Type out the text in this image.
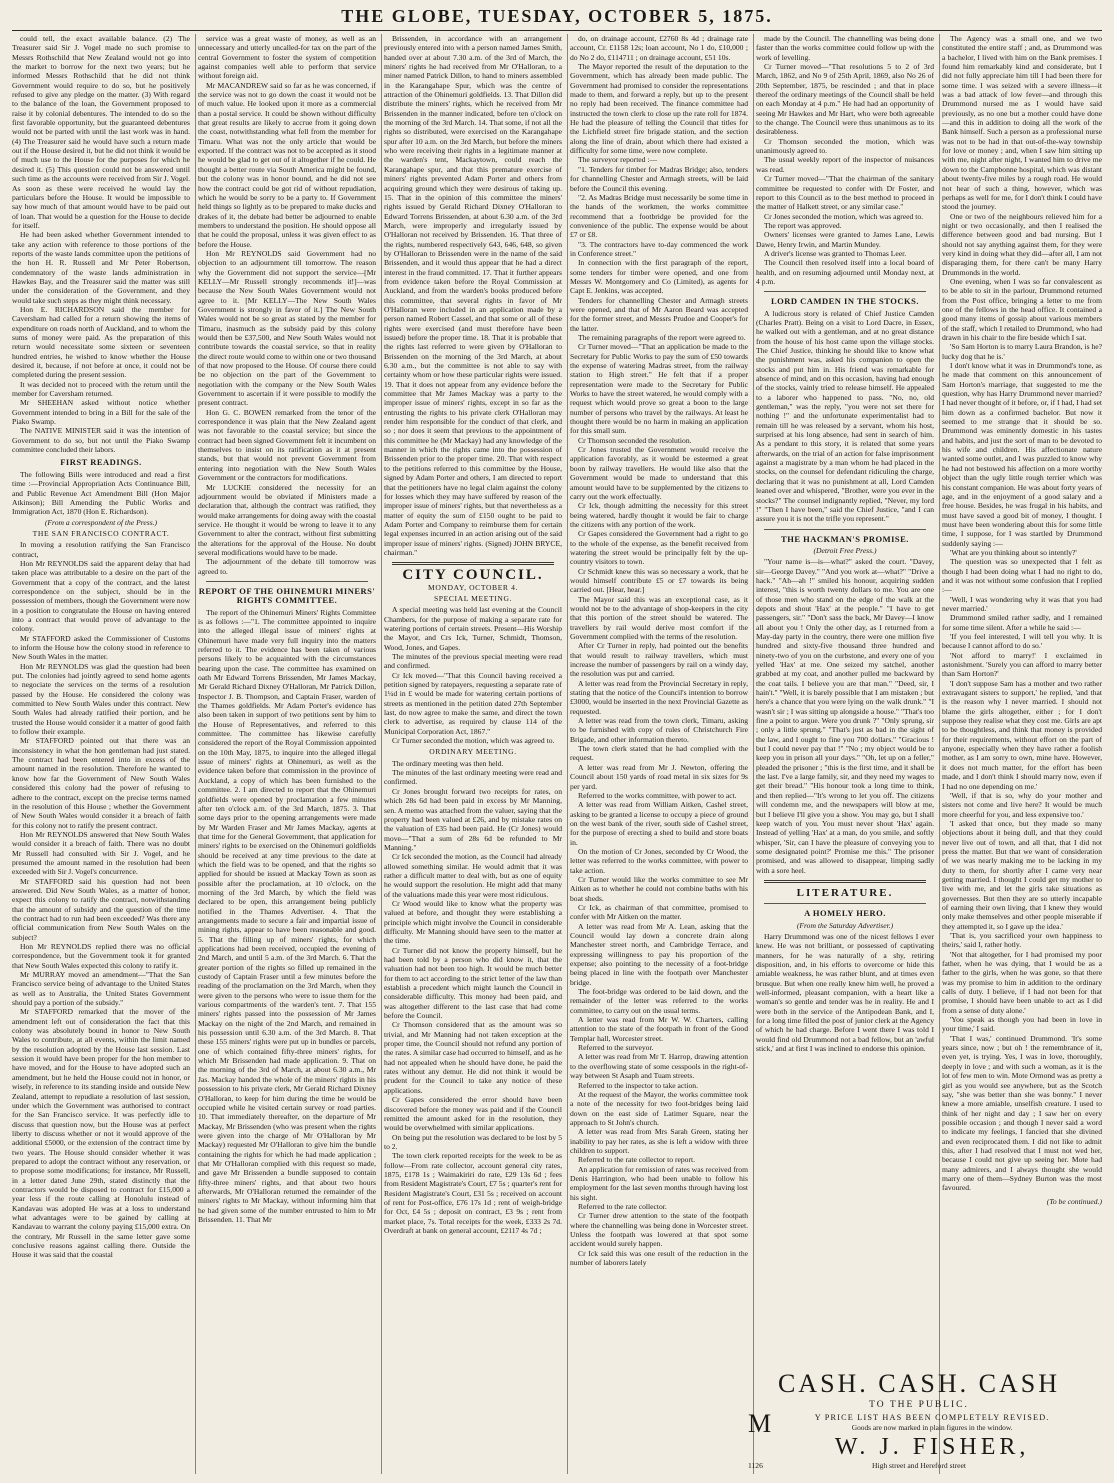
THE GLOBE, TUESDAY, OCTOBER 5, 1875.

could tell, the exact available balance. (2) The Treasurer said Sir J. Vogel made no such promise to Messrs Rothschild that New Zealand would not go into the market to borrow for the next two years; but he informed Messrs Rothschild that he did not think Government would require to do so, but he positively refused to give any pledge on the matter. (3) With regard to the balance of the loan, the Government proposed to raise it by colonial debentures. The intended to do so the first favorable opportunity, but the guaranteed debentures would not be parted with until the last work was in hand. (4) The Treasurer said he would have such a return made out if the House desired it, but he did not think it would be of much use to the House for the purposes for which he desired it. (5) This question could not be answered until such time as the accounts were received from Sir J. Vogel. As soon as these were received he would lay the particulars before the House. It would be impossible to say how much of that amount would have to be paid out of loan. That would be a question for the House to decide for itself.

He had been asked whether Government intended to take any action with reference to those portions of the reports of the waste lands committee upon the petitions of the hon H. R. Russell and Mr Peter Robertson, condemnatory of the waste lands administration in Hawkes Bay, and the Treasurer said the matter was still under the consideration of the Government, and they would take such steps as they might think necessary.

Hon E. RICHARDSON said the member for Caversham had called for a return showing the items of expenditure on roads north of Auckland, and to whom the sums of money were paid. As the preparation of this return would necessitate some sixteen or seventeen hundred entries, he wished to know whether the House desired it, because, if not before at once, it could not be completed during the present session.

It was decided not to proceed with the return until the member for Caversham returned.

Mr SHEEHAN asked without notice whether Government intended to bring in a Bill for the sale of the Piako Swamp.

The NATIVE MINISTER said it was the intention of Government to do so, but not until the Piako Swamp committee concluded their labors.

FIRST READINGS.

The following Bills were introduced and read a first time :—Provincial Appropriation Acts Continuance Bill, and Public Revenue Act Amendment Bill (Hon Major Atkinson); Bill Amending the Public Works and Immigration Act, 1870 (Hon E. Richardson).

(From a correspondent of the Press.)
THE SAN FRANCISCO CONTRACT.

In moving a resolution ratifying the San Francisco contract,

Hon Mr REYNOLDS said the apparent delay that had taken place was attributable to a desire on the part of the Government that a copy of the contract, and the latest correspondence on the subject, should be in the possession of members, though the Government were now in a position to congratulate the House on having entered into a contract that would prove of advantage to the colony.

Mr STAFFORD asked the Commissioner of Customs to inform the House how the colony stood in reference to New South Wales in the matter.

Hon Mr REYNOLDS was glad the question had been put. The colonies had jointly agreed to send home agents to negociate the services on the terms of a resolution passed by the House. He considered the colony was committed to New South Wales under this contract. New South Wales had already ratified their portion, and he trusted the House would consider it a matter of good faith to follow their example.

Mr STAFFORD pointed out that there was an inconsistency in what the hon gentleman had just stated. The contract had been entered into in excess of the amount named in the resolution. Therefore he wanted to know how far the Government of New South Wales considered this colony had the power of refusing to adhere to the contract, except on the precise terms named in the resolution of this House ; whether the Government of New South Wales would consider it a breach of faith for this colony not to ratify the present contract.

Hon Mr REYNOLDS answered that New South Wales would consider it a breach of faith. There was no doubt Mr Russell had consulted with Sir J. Vogel, and he presumed the amount named in the resolution had been exceeded with Sir J. Vogel's concurrence.

Mr STAFFORD said his question had not been answered. Did New South Wales, as a matter of honor, expect this colony to ratify the contract, notwithstanding that the amount of subsidy and the question of the time the contract had to run had been exceeded? Was there any official communication from New South Wales on the subject?

Hon Mr REYNOLDS replied there was no official correspondence, but the Government took it for granted that New South Wales expected this colony to ratify it.

Mr MURRAY moved an amendment—"That the San Francisco service being of advantage to the United States as well as to Australia, the United States Government should pay a portion of the subsidy."

Mr STAFFORD remarked that the mover of the amendment left out of consideration the fact that this colony was absolutely bound in honor to New South Wales to contribute, at all events, within the limit named by the resolution adopted by the House last session. Last session it would have been proper for the hon member to have moved, and for the House to have adopted such an amendment, but he held the House could not in honor, or wisely, in reference to its standing inside and outside New Zealand, attempt to repudiate a resolution of last session, under which the Government was authorised to contract for the San Francisco service. It was perfectly idle to discuss that question now, but the House was at perfect liberty to discuss whether or not it would approve of the additional £5000, or the extension of the contract time by two years. The House should consider whether it was prepared to adopt the contract without any reservation, or to propose some modifications; for instance, Mr Russell, in a letter dated June 29th, stated distinctly that the contractors would be disposed to contract for £15,000 a year less if the route calling at Honolulu instead of Kandavau was adopted He was at a loss to understand what advantages were to be gained by calling at Kandavau to warrant the colony paying £15,000 extra. On the contrary, Mr Russell in the same letter gave some conclusive reasons against calling there. Outside the House it was said that the coastal

service was a great waste of money, as well as an unnecessary and utterly uncalled-for tax on the part of the central Government to foster the system of competition against companies well able to perform that service without foreign aid.

Mr MACANDREW said so far as he was concerned, if the service was not to go down the coast it would not be of much value. He looked upon it more as a commercial than a postal service. It could be shown without difficulty that great results are likely to accrue from it going down the coast, notwithstanding what fell from the member for Timaru. What was not the only article that would be exported. If the contract was not to be accepted as it stood he would be glad to get out of it altogether if he could. He thought a better route via South America might be found, but the colony was in honor bound, and he did not see how the contract could be got rid of without repudiation, which he would be sorry to be a party to. If Government held things so lightly as to be prepared to make ducks and drakes of it, the debate had better be adjourned to enable members to understand the position. He should oppose all that he could the proposal, unless it was given effect to as before the House.

Hon Mr REYNOLDS said Government had no objection to an adjournment till tomorrow. The reason why the Government did not support the service—[Mr KELLY—Mr Russell strongly recommends it!]—was because the New South Wales Government would not agree to it. [Mr KELLY—The New South Wales Government is strongly in favor of it.] The New South Wales would not be so great as stated by the member for Timaru, inasmuch as the subsidy paid by this colony would then be £37,500, and New South Wales would not contribute towards the coastal service, so that in reality the direct route would come to within one or two thousand of that now proposed to the House. Of course there could be no objection on the part of the Government to negotiation with the company or the New South Wales Government to ascertain if it were possible to modify the present contract.

Hon G. C. BOWEN remarked from the tenor of the correspondence it was plain that the New Zealand agent was not favorable to the coastal service; but since the contract had been signed Government felt it incumbent on themselves to insist on its ratification as it at present stands, but that would not prevent Government from entering into negotiation with the New South Wales Government or the contractors for modifications.

Mr LUCKIE considered the necessity for an adjournment would be obviated if Ministers made a declaration that, although the contract was ratified, they would make arrangements for doing away with the coastal service. He thought it would be wrong to leave it to any Government to alter the contract, without first submitting the alterations for the approval of the House. No doubt several modifications would have to be made.

The adjournment of the debate till tomorrow was agreed to.

REPORT OF THE OHINEMURI MINERS' RIGHTS COMMITTEE.

The report of the Ohinemuri Miners' Rights Committee is as follows :—"1. The committee appointed to inquire into the alleged illegal issue of miners' rights at Ohinemuri have made very full inquiry into the matters referred to it. The evidence has been taken of various persons likely to be acquainted with the circumstances bearing upon the case. The committee has examined on oath Mr Edward Torrens Brissenden, Mr James Mackay, Mr Gerald Richard Dixney O'Halloran, Mr Patrick Dillon, Inspector J. B. Thompson, and Captain Fraser, warden of the Thames goldfields. Mr Adam Porter's evidence has also been taken in support of two petitions sent by him to the House of Representatives, and referred to this committee. The committee has likewise carefully considered the report of the Royal Commission appointed on the 10th May, 1875, to inquire into the alleged illegal issue of miners' rights at Ohinemuri, as well as the evidence taken before that commission in the province of Auckland, a copy of which has been furnished to the committee. 2. I am directed to report that the Ohinemuri goldfields were opened by proclamation a few minutes after ten o'clock a.m. of the 3rd March, 1875. 3. That some days prior to the opening arrangements were made by Mr Warden Fraser and Mr James Mackay, agents at that time for the General Government, that application for miners' rights to be exercised on the Ohinemuri goldfields should be received at any time previous to the date at which the field was to be opened, and that the rights so applied for should be issued at Mackay Town as soon as possible after the proclamation, at 10 o'clock, on the morning of the 3rd March, by which the field was declared to be open, this arrangement being publicly notified in the Thames Advertiser. 4. That the arrangements made to secure a fair and impartial issue of mining rights, appear to have been reasonable and good. 5. That the filling up of miners' rights, for which applications had been received, occupied the evening of 2nd March, and until 5 a.m. of the 3rd March. 6. That the greater portion of the rights so filled up remained in the custody of Captain Fraser until a few minutes before the reading of the proclamation on the 3rd March, when they were given to the persons who were to issue them for the various compartments of the warden's tent. 7. That 155 miners' rights passed into the possession of Mr James Mackay on the night of the 2nd March, and remained in his possession until 6.30 a.m. of the 3rd March. 8. That these 155 miners' rights were put up in bundles or parcels, one of which contained fifty-three miners' rights, for which Mr Brissenden had made application. 9. That on the morning of the 3rd of March, at about 6.30 a.m., Mr Jas. Mackay handed the whole of the miners' rights in his possession to his private clerk, Mr Gerald Richard Dixney O'Halloran, to keep for him during the time he would be occupied while he visited certain survey or road parties. 10. That immediately thereafter, on the departure of Mr Mackay, Mr Brissenden (who was present when the rights were given into the charge of Mr O'Halloran by Mr Mackay) requested Mr O'Halloran to give him the bundle containing the rights for which he had made application ; that Mr O'Halloran complied with this request so made, and gave Mr Brissenden a bundle supposed to contain fifty-three miners' rights, and that about two hours afterwards, Mr O'Halloran returned the remainder of the miners' rights to Mr Mackay, without informing him that he had given some of the number entrusted to him to Mr Brissenden. 11. That Mr

Brissenden, in accordance with an arrangement previously entered into with a person named James Smith, handed over at about 7.30 a.m. of the 3rd of March, the miners' rights he had received from Mr O'Halloran, to a miner named Patrick Dillon, to hand to miners assembled in the Karangahape Spur, which was the centre of attraction of the Ohinemuri goldfields. 13. That Dillon did distribute the miners' rights, which he received from Mr Brissenden in the manner indicated, before ten o'clock on the morning of the 3rd March. 14. That some, if not all the rights so distributed, were exercised on the Karangahape spur after 10 a.m. on the 3rd March, but before the miners who were receiving their rights in a legitimate manner at the warden's tent, Mackaytown, could reach the Karangahape spur, and that this premature exercise of miners' rights prevented Adam Porter and others from acquiring ground which they were desirous of taking up. 15. That in the opinion of this committee the miners' rights issued by Gerald Richard Dixney O'Halloran to Edward Torrens Brissenden, at about 6.30 a.m. of the 3rd March, were improperly and irregularly issued by O'Halloran not received by Brissenden. 16. That three of the rights, numbered respectively 643, 646, 648, so given by O'Halloran to Brissenden were in the name of the said Brissenden, and it would thus appear that he had a direct interest in the fraud committed. 17. That it further appears from evidence taken before the Royal Commission at Auckland, and from the warden's books produced before this committee, that several rights in favor of Mr O'Halloran were included in an application made by a person named Robert Cassel, and that some or all of these rights were exercised (and must therefore have been issued) before the proper time. 18. That it is probable that the rights last referred to were given by O'Halloran to Brissenden on the morning of the 3rd March, at about 6.30 a.m., but the committee is not able to say with certainty whom or how these particular rights were issued. 19. That it does not appear from any evidence before the committee that Mr James Mackay was a party to the improper issue of miners' rights, except in so far as the entrusting the rights to his private clerk O'Halloran may render him responsible for the conduct of that clerk, and so ; nor does it seem that previous to the appointment of this committee he (Mr Mackay) had any knowledge of the manner in which the rights came into the possession of Brissenden prior to the proper time. 20. That with respect to the petitions referred to this committee by the House, signed by Adam Porter and others, I am directed to report that the petitioners have no legal claim against the colony for losses which they may have suffered by reason of the improper issue of miners' rights, but that nevertheless as a matter of equity the sum of £150 ought to be paid to Adam Porter and Company to reimburse them for certain legal expenses incurred in an action arising out of the said improper issue of miners' rights. (Signed) JOHN BRYCE, chairman."

CITY COUNCIL.
MONDAY, OCTOBER 4.
SPECIAL MEETING.

A special meeting was held last evening at the Council Chambers, for the purpose of making a separate rate for watering portions of certain streets. Present—His Worship the Mayor, and Crs Ick, Turner, Schmidt, Thomson, Wood, Jones, and Gapes.

The minutes of the previous special meeting were read and confirmed.

Cr Ick moved—"That this Council having received a petition signed by ratepayers, requesting a separate rate of 1¼d in £ would be made for watering certain portions of streets as mentioned in the petition dated 27th September last, do now agree to make the same, and direct the town clerk to advertise, as required by clause 114 of the Municipal Corporation Act, 1867."

Cr Turner seconded the motion, which was agreed to.

ORDINARY MEETING.

The ordinary meeting was then held.

The minutes of the last ordinary meeting were read and confirmed.

Cr Jones brought forward two receipts for rates, on which 28s 6d had been paid in excess by Mr Manning, sen. A memo was attached from the valuer, saying that the property had been valued at £26, and by mistake rates on the valuation of £35 had been paid. He (Cr Jones) would move—"That a sum of 28s 6d be refunded to Mr Manning."

Cr Ick seconded the motion, as the Council had already allowed something similar. He would admit that it was rather a difficult matter to deal with, but as one of equity he would support the resolution. He might add that many of the valuations made this year were most ridiculous.

Cr Wood would like to know what the property was valued at before, and thought they were establishing a principle which might involve the Council in considerable difficulty. Mr Manning should have seen to the matter at the time.

Cr Turner did not know the property himself, but he had been told by a person who did know it, that the valuation had not been too high. It would be much better for them to act according to the strict letter of the law than establish a precedent which might launch the Council in considerable difficulty. This money had been paid, and was altogether different to the last case that had come before the Council.

Cr Thomson considered that as the amount was so trivial, and Mr Manning had not taken exception at the proper time, the Council should not refund any portion of the rates. A similar case had occurred to himself, and as he had not appealed when he should have done, he paid the rates without any demur. He did not think it would be prudent for the Council to take any notice of these applications.

Cr Gapes considered the error should have been discovered before the money was paid and if the Council remitted the amount asked for in the resolution, they would be overwhelmed with similar applications.

On being put the resolution was declared to be lost by 5 to 2.

The town clerk reported receipts for the week to be as follow—From rate collector, account general city rates, 1875, £178 1s ; Waimakiriri do rate, £29 13s 6d ; fees from Resident Magistrate's Court, £7 5s ; quarter's rent for Resident Magistrate's Court, £31 5s ; received on account of rent for Post-office, £76 17s 1d ; rent of weigh-bridge for Oct, £4 5s ; deposit on contract, £3 9s ; rent from market place, 7s. Total receipts for the week, £333 2s 7d. Overdraft at bank on general account, £2117 4s 7d ;

do, on drainage account, £2760 8s 4d ; drainage rate account, Cr. £1158 12s; loan account, No 1 do, £10,000 ; do No 2 do, £114711 ; on drainage account, £51 10s.

The Mayor reported the result of the deputation to the Government, which has already been made public. The Government had promised to consider the representations made to them, and forward a reply, but up to the present no reply had been received. The finance committee had instructed the town clerk to close up the rate roll for 1874. He had the pleasure of telling the Council that titles for the Lichfield street fire brigade station, and the section along the line of drain, about which there had existed a difficulty for some time, were now complete.

The surveyor reported :—

"1. Tenders for timber for Madras Bridge; also, tenders for channelling Chester and Armagh streets, will be laid before the Council this evening.

"2. As Madras Bridge must necessarily be some time in the hands of the workmen, the works committee recommend that a footbridge be provided for the convenience of the public. The expense would be about £7 or £8.

"3. The contractors have to-day commenced the work in Conference street."

In connection with the first paragraph of the report, some tenders for timber were opened, and one from Messrs W. Montgomery and Co (Limited), as agents for Capt E. Jenkins, was accepted.

Tenders for channelling Chester and Armagh streets were opened, and that of Mr Aaron Beard was accepted for the former street, and Messrs Prudoe and Cooper's for the latter.

The remaining paragraphs of the report were agreed to.

Cr Turner moved—"That an application be made to the Secretary for Public Works to pay the sum of £50 towards the expense of watering Madras street, from the railway station to High street." He felt that if a proper representation were made to the Secretary for Public Works to have the street watered, he would comply with a request which would prove so great a boon to the large number of persons who travel by the railways. At least he thought there would be no harm in making an application for this small sum.

Cr Thomson seconded the resolution.

Cr Jones trusted the Government would receive the application favorably, as it would be esteemed a great boon by railway travellers. He would like also that the Government would be made to understand that this amount would have to be supplemented by the citizens to carry out the work effectually.

Cr Ick, though admitting the necessity for this street being watered, hardly thought it would be fair to charge the citizens with any portion of the work.

Cr Gapes considered the Government had a right to go to the whole of the expense, as the benefit received from watering the street would be principally felt by the up-country visitors to town.

Cr Schmidt knew this was so necessary a work, that he would himself contribute £5 or £7 towards its being carried out. [Hear, hear.]

The Mayor said this was an exceptional case, as it would not be to the advantage of shop-keepers in the city that this portion of the street should be watered. The travellers by rail would derive most comfort if the Government complied with the terms of the resolution.

After Cr Turner in reply, had pointed out the benefits that would result to railway travellers, which must increase the number of passengers by rail on a windy day, the resolution was put and carried.

A letter was read from the Provincial Secretary in reply, stating that the notice of the Council's intention to borrow £3000, would be inserted in the next Provincial Gazette as requested.

A letter was read from the town clerk, Timaru, asking to be furnished with copy of rules of Christchurch Fire Brigade, and other information thereto.

The town clerk stated that he had complied with the request.

A letter was read from Mr J. Newton, offering the Council about 150 yards of road metal in six sizes for 9s per yard.

Referred to the works committee, with power to act.

A letter was read from William Aitken, Cashel street, asking to be granted a license to occupy a piece of ground on the west bank of the river, south side of Cashel street, for the purpose of erecting a shed to build and store boats in.

On the motion of Cr Jones, seconded by Cr Wood, the letter was referred to the works committee, with power to take action.

Cr Turner would like the works committee to see Mr Aitken as to whether he could not combine baths with his boat sheds.

Cr Ick, as chairman of that committee, promised to confer with Mr Aitken on the matter.

A letter was read from Mr A. Lean, asking that the Council would lay down a concrete drain along Manchester street north, and Cambridge Terrace, and expressing willingness to pay his proportion of the expense; also pointing to the necessity of a foot-bridge being placed in line with the footpath over Manchester bridge.

The foot-bridge was ordered to be laid down, and the remainder of the letter was referred to the works committee, to carry out on the usual terms.

A letter was read from Mr W. W. Charters, calling attention to the state of the footpath in front of the Good Templar hall, Worcester street.

Referred to the surveyor.

A letter was read from Mr T. Harrop, drawing attention to the overflowing state of some cesspools in the right-of-way between St Asaph and Tuam streets.

Referred to the inspector to take action.

At the request of the Mayor, the works committee took a note of the necessity for two foot-bridges being laid down on the east side of Latimer Square, near the approach to St John's church.

A letter was read from Mrs Sarah Green, stating her inability to pay her rates, as she is left a widow with three children to support.

Referred to the rate collector to report.

An application for remission of rates was received from Denis Harrington, who had been unable to follow his employment for the last seven months through having lost his sight.

Referred to the rate collector.

Cr Turner drew attention to the state of the footpath where the channelling was being done in Worcester street. Unless the footpath was lowered at that spot some accident would surely happen.

Cr Ick said this was one result of the reduction in the number of laborers lately

made by the Council. The channelling was being done faster than the works committee could follow up with the work of levelling.

Cr Turner moved—"That resolutions 5 to 2 of 3rd March, 1862, and No 9 of 25th April, 1869, also No 26 of 20th September, 1875, be rescinded ; and that in place thereof the ordinary meetings of the Council shall be held on each Monday at 4 p.m." He had had an opportunity of seeing Mr Hawkes and Mr Hart, who were both agreeable to the change. The Council were thus unanimous as to its desirableness.

Cr Thomson seconded the motion, which was unanimously agreed to.

The usual weekly report of the inspector of nuisances was read.

Cr Turner moved—"That the chairman of the sanitary committee be requested to confer with Dr Foster, and report to this Council as to the best method to proceed in the matter of Halkett street, or any similar case."

Cr Jones seconded the motion, which was agreed to.

The report was approved.

Owners' licenses were granted to James Lane, Lewis Dawe, Henry Irwin, and Martin Mundey.

A driver's license was granted to Thomas Leer.

The Council then resolved itself into a local board of health, and on resuming adjourned until Monday next, at 4 p.m.

LORD CAMDEN IN THE STOCKS.

A ludicrous story is related of Chief Justice Camden (Charles Pratt). Being on a visit to Lord Dacre, in Essex, he walked out with a gentleman, and at no great distance from the house of his host came upon the village stocks. The Chief Justice, thinking he should like to know what the punishment was, asked his companion to open the stocks and put him in. His friend was remarkable for absence of mind, and on this occasion, having had enough of the stocks, vainly tried to release himself. He appealed to a laborer who happened to pass. "No, no, old gentleman," was the reply, "you were not set there for nothing !" and the unfortunate experimentalist had to remain till he was released by a servant, whom his host, surprised at his long absence, had sent in search of him. As a pendant to this story, it is related that some years afterwards, on the trial of an action for false imprisonment against a magistrate by a man whom he had placed in the stocks, on the counsel for defendant ridiculing the charge, declaring that it was no punishment at all, Lord Camden leaned over and whispered, "Brother, were you ever in the stocks?" The counsel indignantly replied, "Never, my lord !" "Then I have been," said the Chief Justice, "and I can assure you it is not the trifle you represent."

THE HACKMAN'S PROMISE.
(Detroit Free Press.)

"Your name is—is—what?" asked the court. "Davey, sir—George Davey." "And you work at—what?" "Drive a hack." "Ah—ah !" smiled his honour, acquiring sudden interest, "this is worth twenty dollars to me. You are one of those men who stand on the edge of the walk at the depots and shout 'Hax' at the people." "I have to get passengers, sir." "Don't sass the back, Mr Davey—I know all about you ! Only the other day, as I returned from a May-day party in the country, there were one million five hundred and sixty-five thousand three hundred and ninety-two of you on the curbstone, and every one of you yelled 'Hax' at me. One seized my satchel, another grabbed at my coat, and another pulled me backward by the coat tails. I believe you are that man." "Deed, sir, I hain't." "Well, it is barely possible that I am mistaken ; but here's a chance that you were lying on the walk drunk." "I wasn't sir ; I was sitting up alongside a house." "That's too fine a point to argue. Were you drunk ?" "Only sprung, sir ; only a little sprung." "That's just as bad in the sight of the law, and I ought to fine you 700 dollars." "Gracious ! but I could never pay that !" "No ; my object would be to keep you in prison all your days." "Oh, let up on a feller," pleaded the prisoner ; "this is the first time, and it shall be the last. I've a large family, sir, and they need my wages to get their bread." "His honour took a long time to think, and then replied—"It's wrong to let you off. The citizens will condemn me, and the newspapers will blow at me, but I believe I'll give you a show. You may go, but I shall keep watch of you. You must never shout 'Hax' again. Instead of yelling 'Hax' at a man, do you smile, and softly whisper, 'Sir, can I have the pleasure of conveying you to some designated point?' Promise me this." The prisoner promised, and was allowed to disappear, limping sadly with a sore heel.

LITERATURE.
A HOMELY HERO.
(From the Saturday Advertiser.)

Harry Drummond was one of the nicest fellows I ever knew. He was not brilliant, or possessed of captivating manners, for he was naturally of a shy, retiring disposition, and, in his efforts to overcome or hide this amiable weakness, he was rather blunt, and at times even brusque. But when one really knew him well, he proved a well-informed, pleasant companion, with a heart like a woman's so gentle and tender was he in reality. He and I were both in the service of the Antipodean Bank, and I, for a long time filled the post of junior clerk at the Agency of which he had charge. Before I went there I was told I would find old Drummond not a bad fellow, but an 'awful stick,' and at first I was inclined to endorse this opinion.

The Agency was a small one, and we two constituted the entire staff ; and, as Drummond was a bachelor, I lived with him on the Bank premises. I found him remarkably kind and considerate, but I did not fully appreciate him till I had been there for some time. I was seized with a severe illness—it was a bad attack of low fever—and through this Drummond nursed me as I would have said previously, as no one but a mother could have done—and this in addition to doing all the work of the Bank himself. Such a person as a professional nurse was not to be had in that out-of-the-way township for love or money ; and, when I saw him sitting up with me, night after night, I wanted him to drive me down to the Campbonne hospital, which was distant about twenty-five miles by a rough road. He would not hear of such a thing, however, which was perhaps as well for me, for I don't think I could have stood the journey.

One or two of the neighbours relieved him for a night or two occasionally, and then I realised the difference between good and bad nursing. But I should not say anything against them, for they were very kind in doing what they did—after all, I am not disparaging them, for there can't be many Harry Drummonds in the world.

One evening, when I was so far convalescent as to be able to sit in the parlour, Drummond returned from the Post office, bringing a letter to me from one of the fellows in the head office. It contained a good many items of gossip about various members of the staff, which I retailed to Drummond, who had drawn in his chair to the fire beside which I sat.

'So Sam Horton is to marry Laura Brandon, is he? lucky dog that he is.'

I don't know what it was in Drummond's tone, as he made that comment on this announcement of Sam Horton's marriage, that suggested to me the question, why has Harry Drummond never married? I had never thought of it before, or, if I had, I had set him down as a confirmed bachelor. But now it seemed to me strange that it should be so. Drummond was eminently domestic in his tastes and habits, and just the sort of man to be devoted to his wife and children. His affectionate nature wanted some outlet, and I was puzzled to know why he had not bestowed his affection on a more worthy object than the ugly little rough terrier which was his constant companion. He was about forty years of age, and in the enjoyment of a good salary and a free house. Besides, he was frugal in his habits, and must have saved a good bit of money, I thought. I must have been wondering about this for some little time, I suppose, for I was startled by Drummond suddenly saying :—

'What are you thinking about so intently?'

The question was so unexpected that I felt as though I had been doing what I had no right to do, and it was not without some confusion that I replied :—

'Well, I was wondering why it was that you had never married.'

Drummond smiled rather sadly, and I remained for some time silent. After a while he said :—

'If you feel interested, I will tell you why. It is because I cannot afford to do so.'

'Not afford to marry!' I exclaimed in astonishment. 'Surely you can afford to marry better than Sam Horton?'

'I don't suppose Sam has a mother and two rather extravagant sisters to support,' he replied, 'and that is the reason why I never married. I should not blame the girls altogether, either ; for I don't suppose they realise what they cost me. Girls are apt to be thoughtless, and think that money is provided for their requirements, without effort on the part of anyone, especially when they have rather a foolish mother, as I am sorry to own, mine have. However, it does not much matter, for the effort has been made, and I don't think I should marry now, even if I had no one depending on me.'

'Well, if that is so, why do your mother and sisters not come and live here? It would be much more cheerful for you, and less expensive too.'

'I asked that once, but they made so many objections about it being dull, and that they could never live out of town, and all that, that I did not press the matter. But that we want of consideration of we was nearly making me to be lacking in my duty to them, for shortly after I came very near getting married. I thought I could get my mother to live with me, and let the girls take situations as governesses. But then they are so utterly incapable of earning their own living, that I knew they would only make themselves and other people miserable if they attempted it, so I gave up the idea.'

'That is, you sacrificed your own happiness to theirs,' said I, rather hotly.

'Not that altogether, for I had promised my poor father, when he was dying, that I would be as a father to the girls, when he was gone, so that there was my promise to him in addition to the ordinary calls of duty. I believe, if I had not been for that promise, I should have been unable to act as I did from a sense of duty alone.'

'You speak as though you had been in love in your time,' I said.

'That I was,' continued Drummond. 'It's some years since, now ; but oh ! the remembrance of it, even yet, is trying. Yes, I was in love, thoroughly, deeply in love ; and with such a woman, as it is the lot of few men to win. Mote Ormond was as pretty a girl as you would see anywhere, but as the Scotch say, "she was better than she was bonny." I never knew a more amiable, unselfish creature. I used to think of her night and day ; I saw her on every possible occasion ; and though I never said a word to indicate my feelings, I fancied that she divined and even reciprocated them. I did not like to admit this, after I had resolved that I must not wed her, because I could not give up seeing her. Mote had many admirers, and I always thought she would marry one of them—Sydney Burton was the most favoured.

(To be continued.)
CASH. CASH. CASH
TO THE PUBLIC.
M	Y PRICE LIST HAS BEEN COMPLETELY REVISED.
Goods are now marked in plain figures in the window.
W. J. FISHER,
High street and Hereford street
1126
